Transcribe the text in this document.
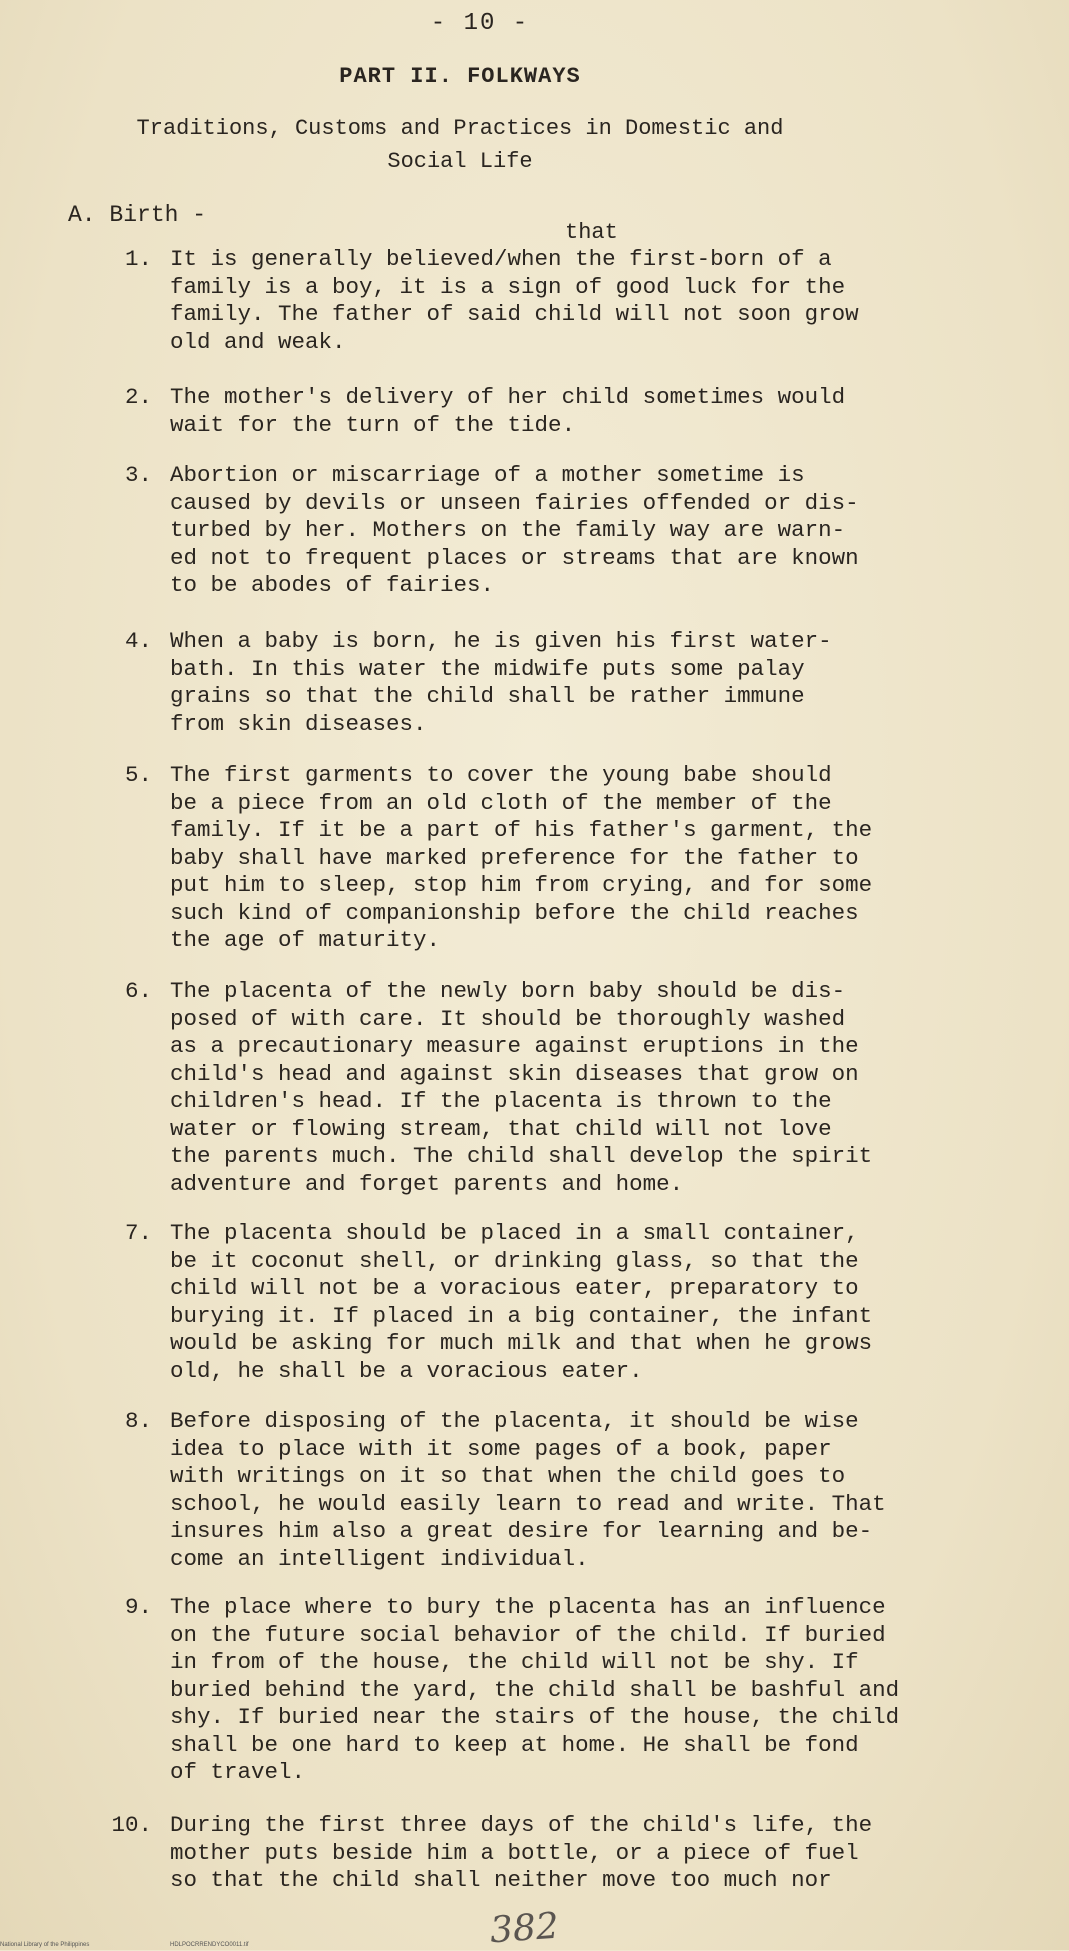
- 10 -
PART II. FOLKWAYS
Traditions, Customs and Practices in Domestic and
Social Life
A. Birth -
that
1. It is generally believed/when the first-born of a
family is a boy, it is a sign of good luck for the
family. The father of said child will not soon grow
old and weak.
2. The mother's delivery of her child sometimes would
wait for the turn of the tide.
3. Abortion or miscarriage of a mother sometime is
caused by devils or unseen fairies offended or dis-
turbed by her. Mothers on the family way are warn-
ed not to frequent places or streams that are known
to be abodes of fairies.
4. When a baby is born, he is given his first water-
bath. In this water the midwife puts some palay
grains so that the child shall be rather immune
from skin diseases.
5. The first garments to cover the young babe should
be a piece from an old cloth of the member of the
family. If it be a part of his father's garment, the
baby shall have marked preference for the father to
put him to sleep, stop him from crying, and for some
such kind of companionship before the child reaches
the age of maturity.
6. The placenta of the newly born baby should be dis-
posed of with care. It should be thoroughly washed
as a precautionary measure against eruptions in the
child's head and against skin diseases that grow on
children's head. If the placenta is thrown to the
water or flowing stream, that child will not love
the parents much. The child shall develop the spirit
adventure and forget parents and home.
7. The placenta should be placed in a small container,
be it coconut shell, or drinking glass, so that the
child will not be a voracious eater, preparatory to
burying it. If placed in a big container, the infant
would be asking for much milk and that when he grows
old, he shall be a voracious eater.
8. Before disposing of the placenta, it should be wise
idea to place with it some pages of a book, paper
with writings on it so that when the child goes to
school, he would easily learn to read and write. That
insures him also a great desire for learning and be-
come an intelligent individual.
9. The place where to bury the placenta has an influence
on the future social behavior of the child. If buried
in from of the house, the child will not be shy. If
buried behind the yard, the child shall be bashful and
shy. If buried near the stairs of the house, the child
shall be one hard to keep at home. He shall be fond
of travel.
10. During the first three days of the child's life, the
mother puts beside him a bottle, or a piece of fuel
so that the child shall neither move too much nor
382
National Library of the Philippines	HDLPOCRRENDYCO0011.tif
